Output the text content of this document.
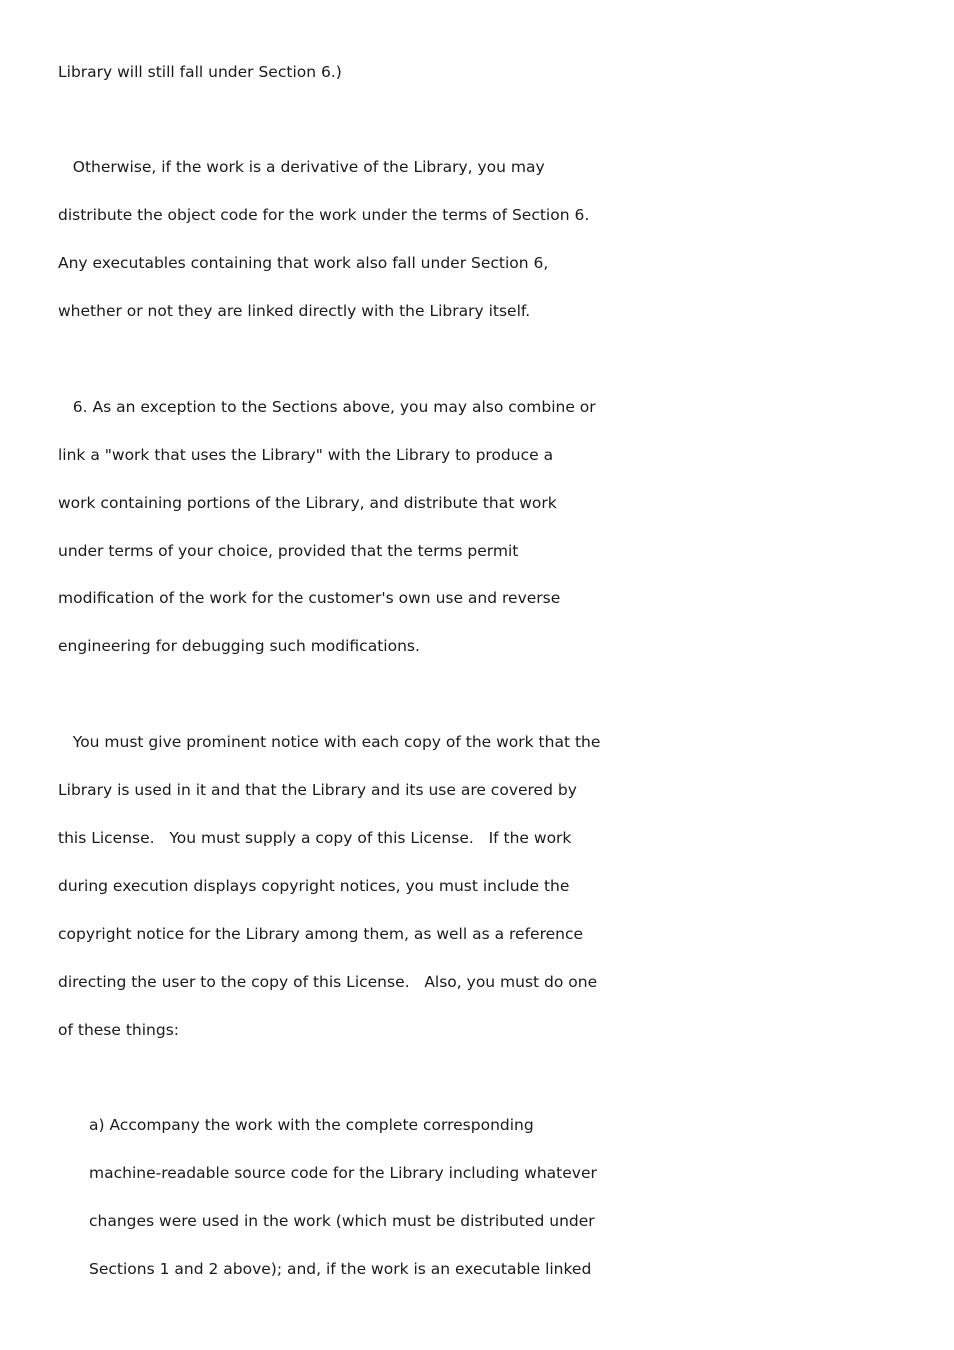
Library will still fall under Section 6.)
Otherwise, if the work is a derivative of the Library, you may
distribute the object code for the work under the terms of Section 6.
Any executables containing that work also fall under Section 6,
whether or not they are linked directly with the Library itself.
6. As an exception to the Sections above, you may also combine or
link a "work that uses the Library" with the Library to produce a
work containing portions of the Library, and distribute that work
under terms of your choice, provided that the terms permit
modification of the work for the customer's own use and reverse
engineering for debugging such modifications.
You must give prominent notice with each copy of the work that the
Library is used in it and that the Library and its use are covered by
this License.   You must supply a copy of this License.   If the work
during execution displays copyright notices, you must include the
copyright notice for the Library among them, as well as a reference
directing the user to the copy of this License.   Also, you must do one
of these things:
a) Accompany the work with the complete corresponding
machine-readable source code for the Library including whatever
changes were used in the work (which must be distributed under
Sections 1 and 2 above); and, if the work is an executable linked
